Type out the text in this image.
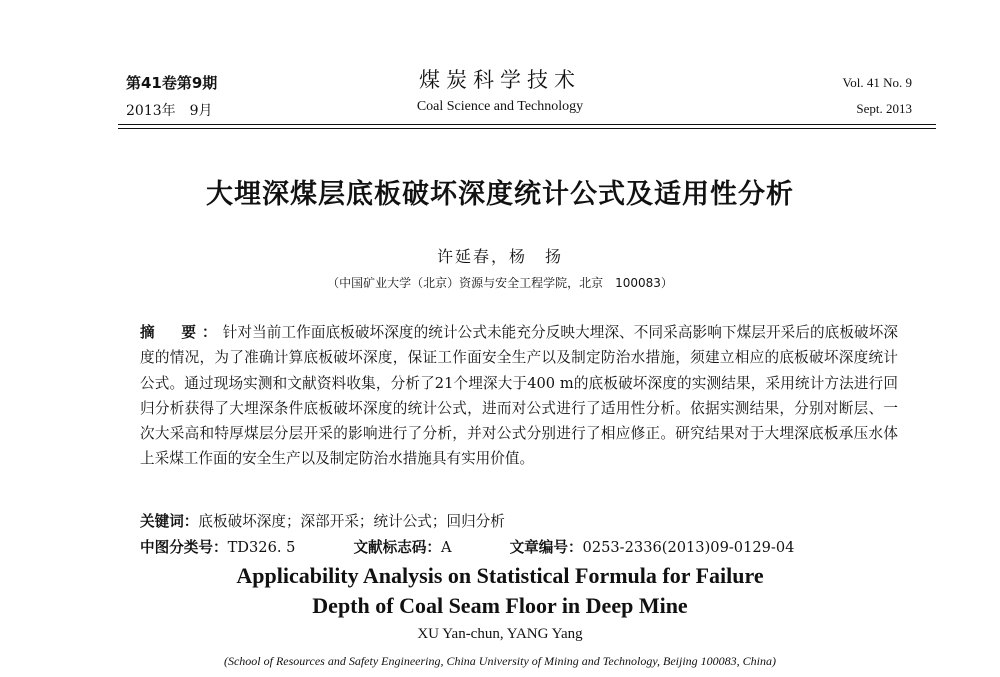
第41卷第9期
2013年　9月
煤炭科学技术
Coal Science and Technology
Vol. 41 No. 9
Sept. 2013
大埋深煤层底板破坏深度统计公式及适用性分析
许延春，杨　扬
（中国矿业大学（北京）资源与安全工程学院，北京　100083）
摘　要：针对当前工作面底板破坏深度的统计公式未能充分反映大埋深、不同采高影响下煤层开采后的底板破坏深度的情况，为了准确计算底板破坏深度，保证工作面安全生产以及制定防治水措施，须建立相应的底板破坏深度统计公式。通过现场实测和文献资料收集，分析了21个埋深大于400 m的底板破坏深度的实测结果，采用统计方法进行回归分析获得了大埋深条件底板破坏深度的统计公式，进而对公式进行了适用性分析。依据实测结果，分别对断层、一次大采高和特厚煤层分层开采的影响进行了分析，并对公式分别进行了相应修正。研究结果对于大埋深底板承压水体上采煤工作面的安全生产以及制定防治水措施具有实用价值。
关键词：底板破坏深度；深部开采；统计公式；回归分析
中图分类号：TD326. 5	文献标志码：A	文章编号：0253-2336(2013)09-0129-04
Applicability Analysis on Statistical Formula for Failure
Depth of Coal Seam Floor in Deep Mine
XU Yan-chun, YANG Yang
(School of Resources and Safety Engineering, China University of Mining and Technology, Beijing 100083, China)
